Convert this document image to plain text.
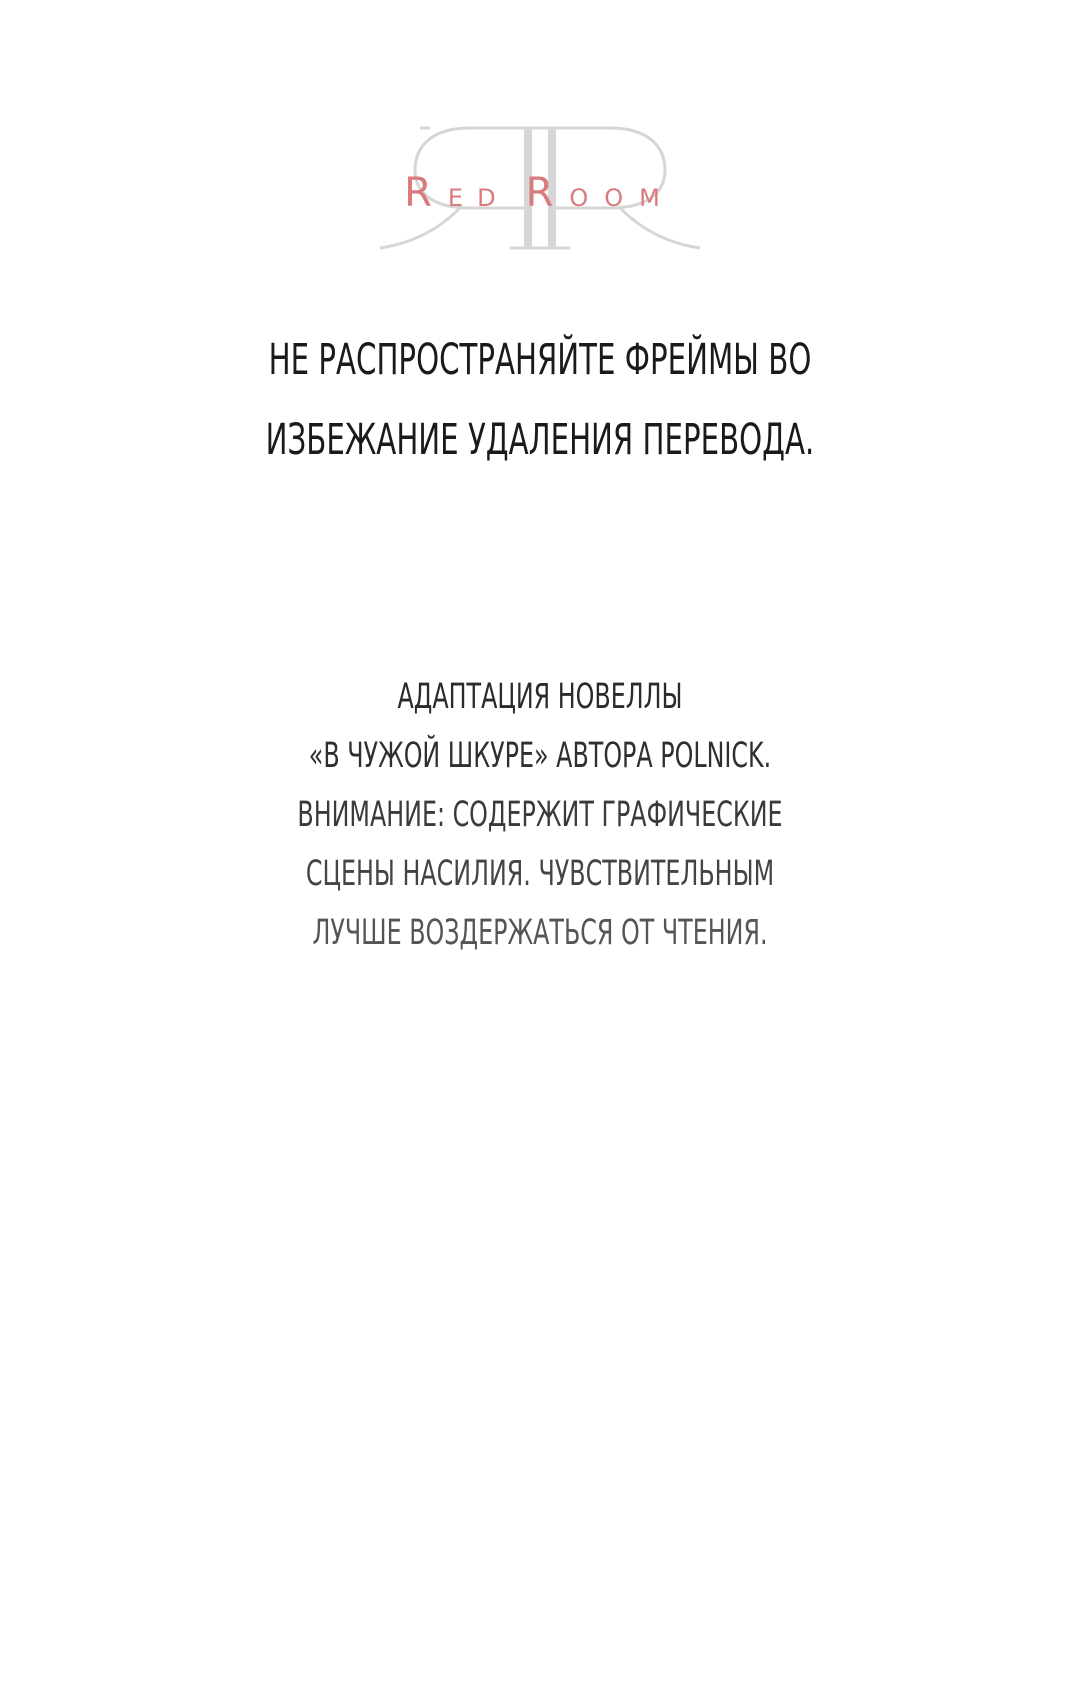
RED R OOM
НЕ РАСПРОСТРАНЯЙТЕ ФРЕЙМЫ ВО
ИЗБЕЖАНИЕ УДАЛЕНИЯ ПЕРЕВОДА.
АДАПТАЦИЯ НОВЕЛЛЫ
«В ЧУЖОЙ ШКУРЕ» АВТОРА POLNICK.
ВНИМАНИЕ: СОДЕРЖИТ ГРАФИЧЕСКИЕ
СЦЕНЫ НАСИЛИЯ. ЧУВСТВИТЕЛЬНЫМ
ЛУЧШЕ ВОЗДЕРЖАТЬСЯ ОТ ЧТЕНИЯ.
